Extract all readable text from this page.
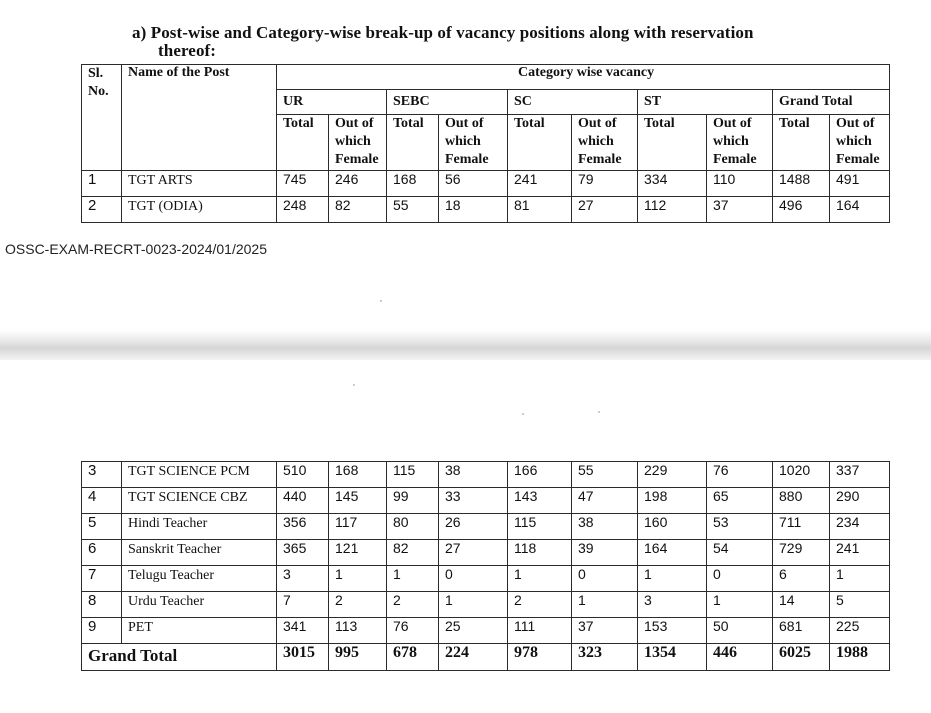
a) Post-wise and Category-wise break-up of vacancy positions along with reservation
thereof:
Sl. No.	Name of the Post	Category wise vacancy									
		UR		SEBC		SC		ST		Grand Total	
		Total	Out of which Female	Total	Out of which Female	Total	Out of which Female	Total	Out of which Female	Total	Out of which Female
1	TGT ARTS	745	246	168	56	241	79	334	110	1488	491
2	TGT (ODIA)	248	82	55	18	81	27	112	37	496	164
OSSC-EXAM-RECRT-0023-2024/01/2025
3	TGT SCIENCE PCM	510	168	115	38	166	55	229	76	1020	337
4	TGT SCIENCE CBZ	440	145	99	33	143	47	198	65	880	290
5	Hindi Teacher	356	117	80	26	115	38	160	53	711	234
6	Sanskrit Teacher	365	121	82	27	118	39	164	54	729	241
7	Telugu Teacher	3	1	1	0	1	0	1	0	6	1
8	Urdu Teacher	7	2	2	1	2	1	3	1	14	5
9	PET	341	113	76	25	111	37	153	50	681	225
Grand Total		3015	995	678	224	978	323	1354	446	6025	1988
